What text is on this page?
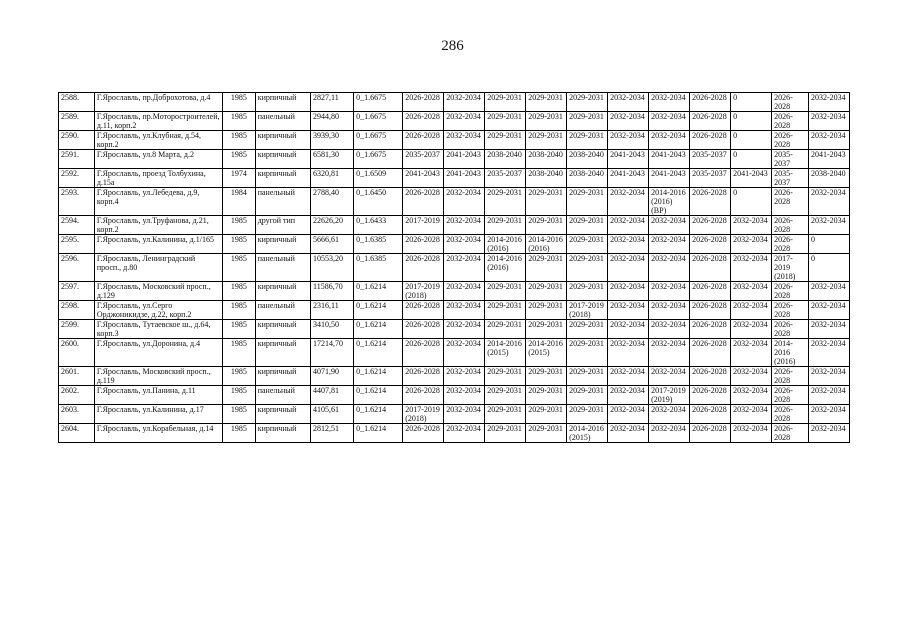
286
2588.	Г.Ярославль, пр.Доброхотова, д.4	1985	кирпичный	2827,11	0_1.6675	2026-2028	2032-2034	2029-2031	2029-2031	2029-2031	2032-2034	2032-2034	2026-2028	0	2026-2028	2032-2034
2589.	Г.Ярославль, пр.Моторостроителей, д.11, корп.2	1985	панельный	2944,80	0_1.6675	2026-2028	2032-2034	2029-2031	2029-2031	2029-2031	2032-2034	2032-2034	2026-2028	0	2026-2028	2032-2034
2590.	Г.Ярославль, ул.Клубная, д.54, корп.2	1985	кирпичный	3939,30	0_1.6675	2026-2028	2032-2034	2029-2031	2029-2031	2029-2031	2032-2034	2032-2034	2026-2028	0	2026-2028	2032-2034
2591.	Г.Ярославль, ул.8 Марта, д.2	1985	кирпичный	6581,30	0_1.6675	2035-2037	2041-2043	2038-2040	2038-2040	2038-2040	2041-2043	2041-2043	2035-2037	0	2035-2037	2041-2043
2592.	Г.Ярославль, проезд Толбухина, д.15а	1974	кирпичный	6320,81	0_1.6509	2041-2043	2041-2043	2035-2037	2038-2040	2038-2040	2041-2043	2041-2043	2035-2037	2041-2043	2035-2037	2038-2040
2593.	Г.Ярославль, ул.Лебедева, д.9, корп.4	1984	панельный	2788,40	0_1.6450	2026-2028	2032-2034	2029-2031	2029-2031	2029-2031	2032-2034	2014-2016 (2016) (ВР)	2026-2028	0	2026-2028	2032-2034
2594.	Г.Ярославль, ул.Труфанова, д.21, корп.2	1985	другой тип	22626,20	0_1.6433	2017-2019	2032-2034	2029-2031	2029-2031	2029-2031	2032-2034	2032-2034	2026-2028	2032-2034	2026-2028	2032-2034
2595.	Г.Ярославль, ул.Калинина, д.1/165	1985	кирпичный	5666,61	0_1.6385	2026-2028	2032-2034	2014-2016 (2016)	2014-2016 (2016)	2029-2031	2032-2034	2032-2034	2026-2028	2032-2034	2026-2028	0
2596.	Г.Ярославль, Ленинградский просп., д.80	1985	панельный	10553,20	0_1.6385	2026-2028	2032-2034	2014-2016 (2016)	2029-2031	2029-2031	2032-2034	2032-2034	2026-2028	2032-2034	2017-2019 (2018)	0
2597.	Г.Ярославль, Московский просп., д.129	1985	кирпичный	11586,70	0_1.6214	2017-2019 (2018)	2032-2034	2029-2031	2029-2031	2029-2031	2032-2034	2032-2034	2026-2028	2032-2034	2026-2028	2032-2034
2598.	Г.Ярославль, ул.Серго Орджоникидзе, д.22, корп.2	1985	панельный	2316,11	0_1.6214	2026-2028	2032-2034	2029-2031	2029-2031	2017-2019 (2018)	2032-2034	2032-2034	2026-2028	2032-2034	2026-2028	2032-2034
2599.	Г.Ярославль, Тутаевское ш., д.64, корп.3	1985	кирпичный	3410,50	0_1.6214	2026-2028	2032-2034	2029-2031	2029-2031	2029-2031	2032-2034	2032-2034	2026-2028	2032-2034	2026-2028	2032-2034
2600.	Г.Ярославль, ул.Доронина, д.4	1985	кирпичный	17214,70	0_1.6214	2026-2028	2032-2034	2014-2016 (2015)	2014-2016 (2015)	2029-2031	2032-2034	2032-2034	2026-2028	2032-2034	2014-2016 (2016)	2032-2034
2601.	Г.Ярославль, Московский просп., д.119	1985	кирпичный	4071,90	0_1.6214	2026-2028	2032-2034	2029-2031	2029-2031	2029-2031	2032-2034	2032-2034	2026-2028	2032-2034	2026-2028	2032-2034
2602.	Г.Ярославль, ул.Панина, д.11	1985	панельный	4407,81	0_1.6214	2026-2028	2032-2034	2029-2031	2029-2031	2029-2031	2032-2034	2017-2019 (2019)	2026-2028	2032-2034	2026-2028	2032-2034
2603.	Г.Ярославль, ул.Калинина, д.17	1985	кирпичный	4105,61	0_1.6214	2017-2019 (2018)	2032-2034	2029-2031	2029-2031	2029-2031	2032-2034	2032-2034	2026-2028	2032-2034	2026-2028	2032-2034
2604.	Г.Ярославль, ул.Корабельная, д.14	1985	кирпичный	2812,51	0_1.6214	2026-2028	2032-2034	2029-2031	2029-2031	2014-2016 (2015)	2032-2034	2032-2034	2026-2028	2032-2034	2026-2028	2032-2034
